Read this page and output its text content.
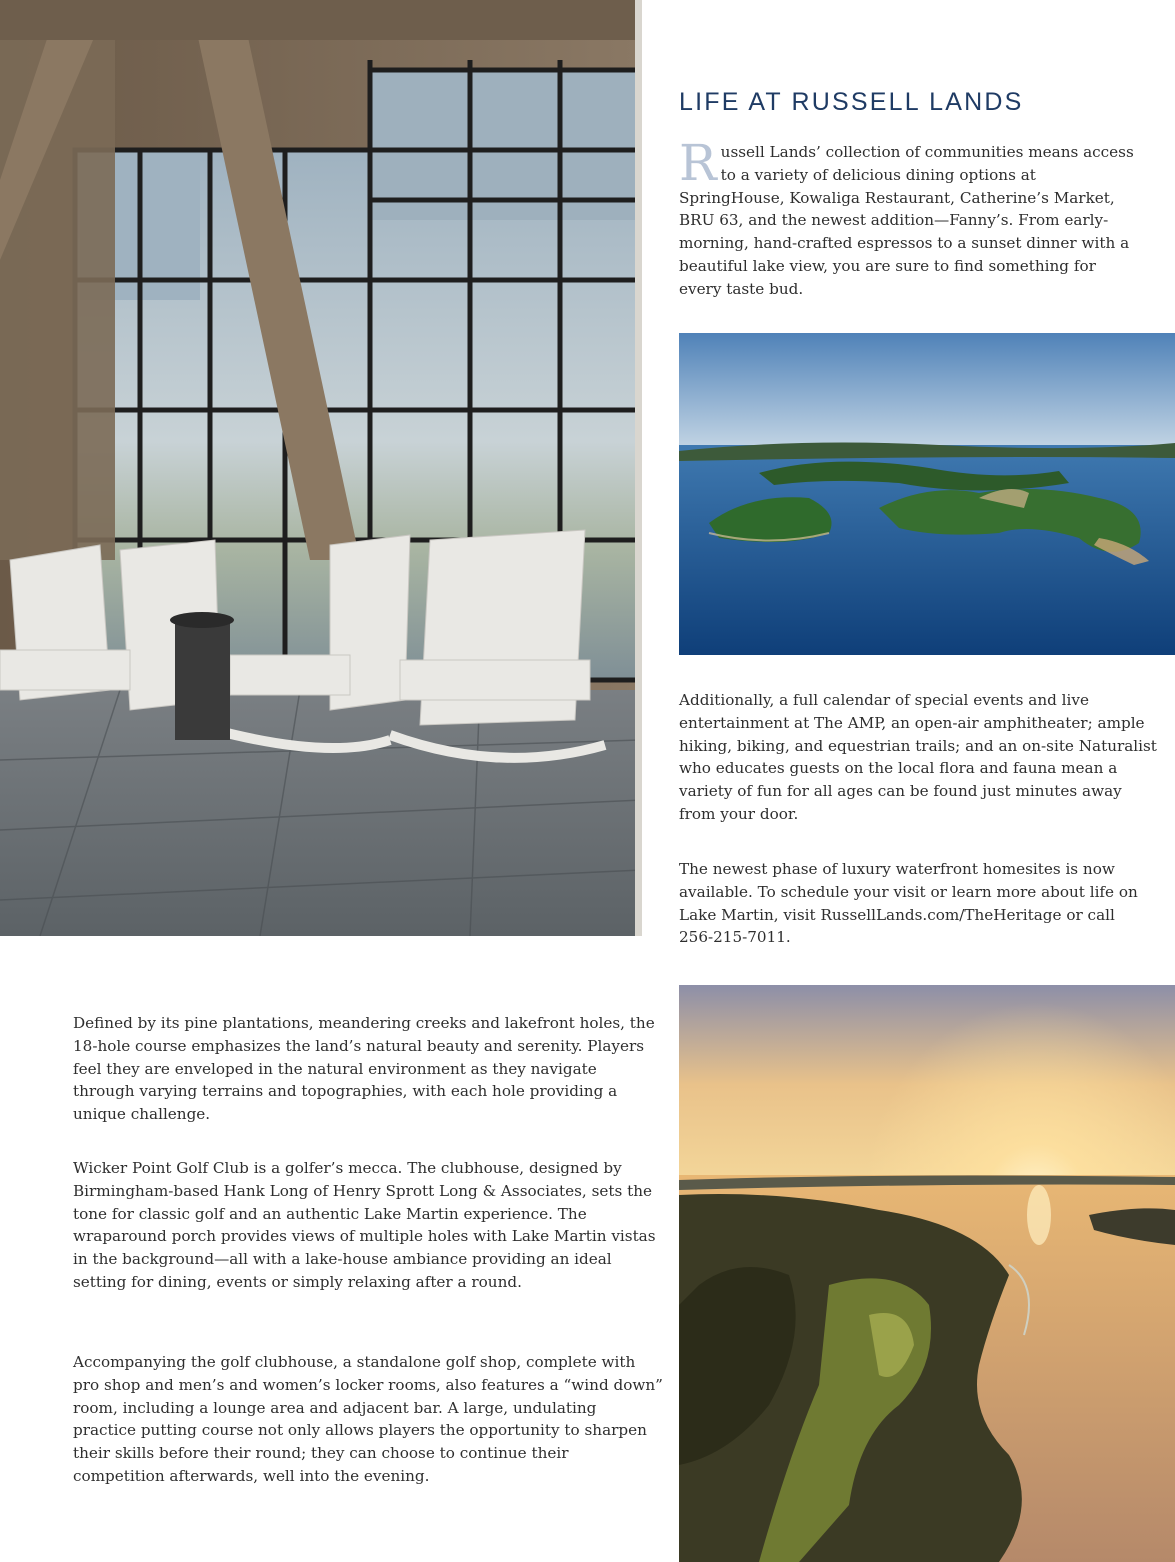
LIFE AT RUSSELL LANDS

Russell Lands’ collection of communities means access to a variety of delicious dining options at SpringHouse, Kowaliga Restaurant, Catherine’s Market, BRU 63, and the newest addition—Fanny’s. From early-morning, hand-crafted espressos to a sunset dinner with a beautiful lake view, you are sure to find something for every taste bud.

Additionally, a full calendar of special events and live entertainment at The AMP, an open-air amphitheater; ample hiking, biking, and equestrian trails; and an on-site Naturalist who educates guests on the local flora and fauna mean a variety of fun for all ages can be found just minutes away from your door.

The newest phase of luxury waterfront homesites is now available. To schedule your visit or learn more about life on Lake Martin, visit RussellLands.com/TheHeritage or call 256-215-7011.

Defined by its pine plantations, meandering creeks and lakefront holes, the 18-hole course emphasizes the land’s natural beauty and serenity. Players feel they are enveloped in the natural environment as they navigate through varying terrains and topographies, with each hole providing a unique challenge.

Wicker Point Golf Club is a golfer’s mecca. The clubhouse, designed by Birmingham-based Hank Long of Henry Sprott Long & Associates, sets the tone for classic golf and an authentic Lake Martin experience. The wraparound porch provides views of multiple holes with Lake Martin vistas in the background—all with a lake-house ambiance providing an ideal setting for dining, events or simply relaxing after a round.

Accompanying the golf clubhouse, a standalone golf shop, complete with pro shop and men’s and women’s locker rooms, also features a “wind down” room, including a lounge area and adjacent bar. A large, undulating practice putting course not only allows players the opportunity to sharpen their skills before their round; they can choose to continue their competition afterwards, well into the evening.
